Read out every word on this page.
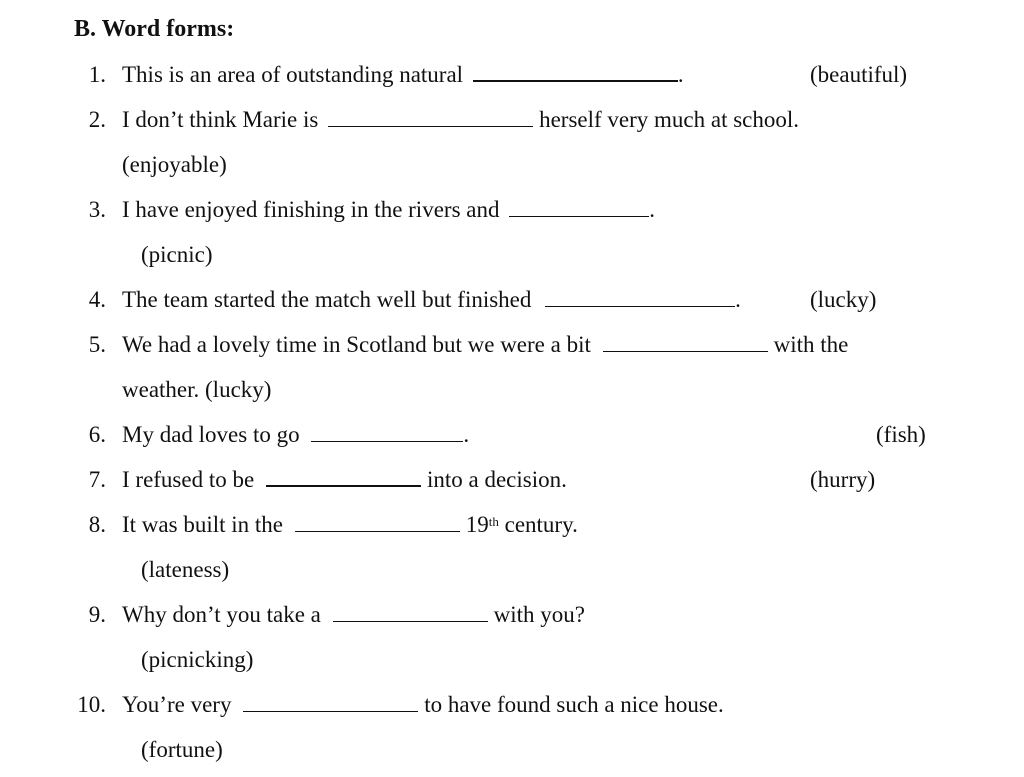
B. Word forms:
1. This is an area of outstanding natural	.	(beautiful)
2. I don’t think Marie is	herself very much at school.
(enjoyable)
3. I have enjoyed finishing in the rivers and	.
(picnic)
4. The team started the match well but finished	.	(lucky)
5. We had a lovely time in Scotland but we were a bit	with the
weather. (lucky)
6. My dad loves to go	.	(fish)
7. I refused to be	into a decision.	(hurry)
8. It was built in the	19th century.
(lateness)
9. Why don’t you take a	with you?
(picnicking)
10. You’re very	to have found such a nice house.
(fortune)
